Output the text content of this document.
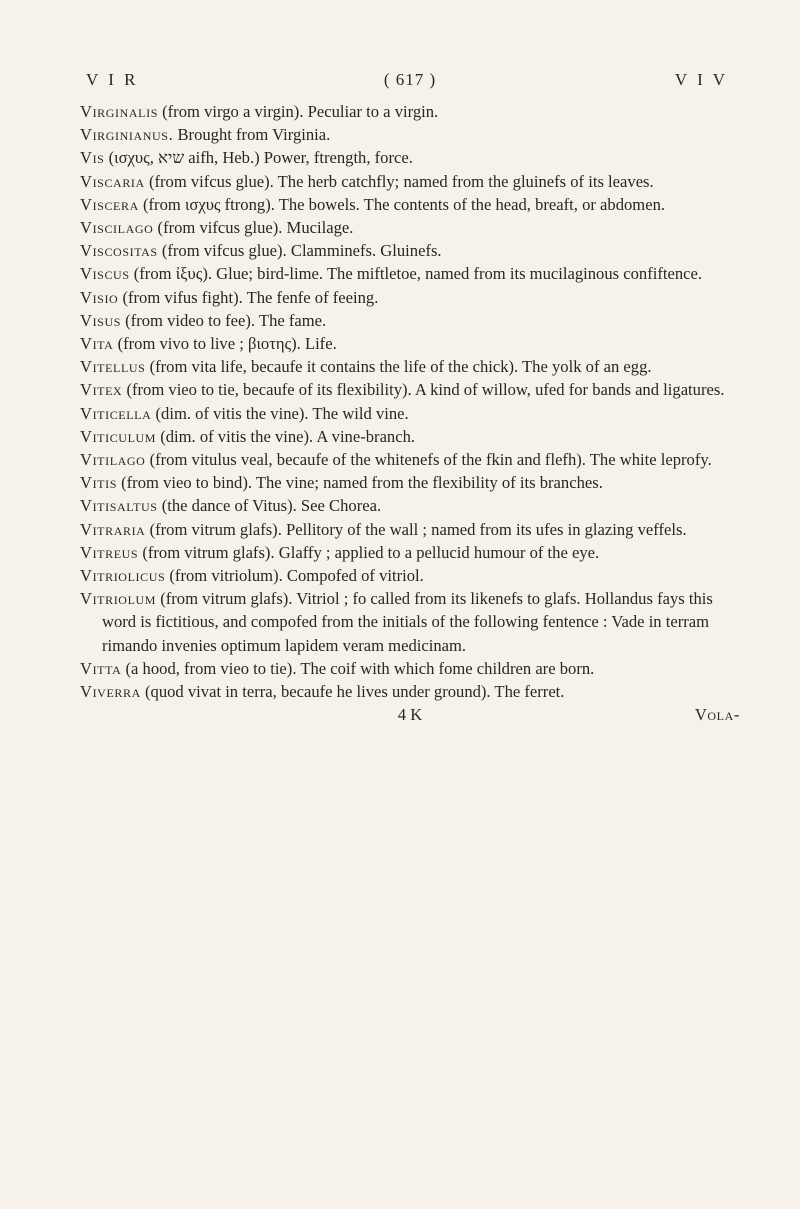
V I R	( 617 )	V I V
Virginalis (from virgo a virgin). Peculiar to a virgin.
Virginianus. Brought from Virginia.
Vis (ισχυς, שיא aifh, Heb.) Power, ftrength, force.
Viscaria (from vifcus glue). The herb catchfly; named from the gluinefs of its leaves.
Viscera (from ισχυς ftrong). The bowels. The contents of the head, breaft, or abdomen.
Viscilago (from vifcus glue). Mucilage.
Viscositas (from vifcus glue). Clamminefs. Gluinefs.
Viscus (from ἰξυς). Glue; bird-lime. The miftletoe, named from its mucilaginous confiftence.
Visio (from vifus fight). The fenfe of feeing.
Visus (from video to fee). The fame.
Vita (from vivo to live ; βιοτης). Life.
Vitellus (from vita life, becaufe it contains the life of the chick). The yolk of an egg.
Vitex (from vieo to tie, becaufe of its flexibility). A kind of willow, ufed for bands and ligatures.
Viticella (dim. of vitis the vine). The wild vine.
Viticulum (dim. of vitis the vine). A vine-branch.
Vitilago (from vitulus veal, becaufe of the whitenefs of the fkin and flefh). The white leprofy.
Vitis (from vieo to bind). The vine; named from the flexibility of its branches.
Vitisaltus (the dance of Vitus). See Chorea.
Vitraria (from vitrum glafs). Pellitory of the wall ; named from its ufes in glazing veffels.
Vitreus (from vitrum glafs). Glaffy ; applied to a pellucid humour of the eye.
Vitriolicus (from vitriolum). Compofed of vitriol.
Vitriolum (from vitrum glafs). Vitriol ; fo called from its likenefs to glafs. Hollandus fays this word is fictitious, and compofed from the initials of the following fentence : Vade in terram rimando invenies optimum lapidem veram medicinam.
Vitta (a hood, from vieo to tie). The coif with which fome children are born.
Viverra (quod vivat in terra, becaufe he lives under ground). The ferret.
4 K	Vola-
